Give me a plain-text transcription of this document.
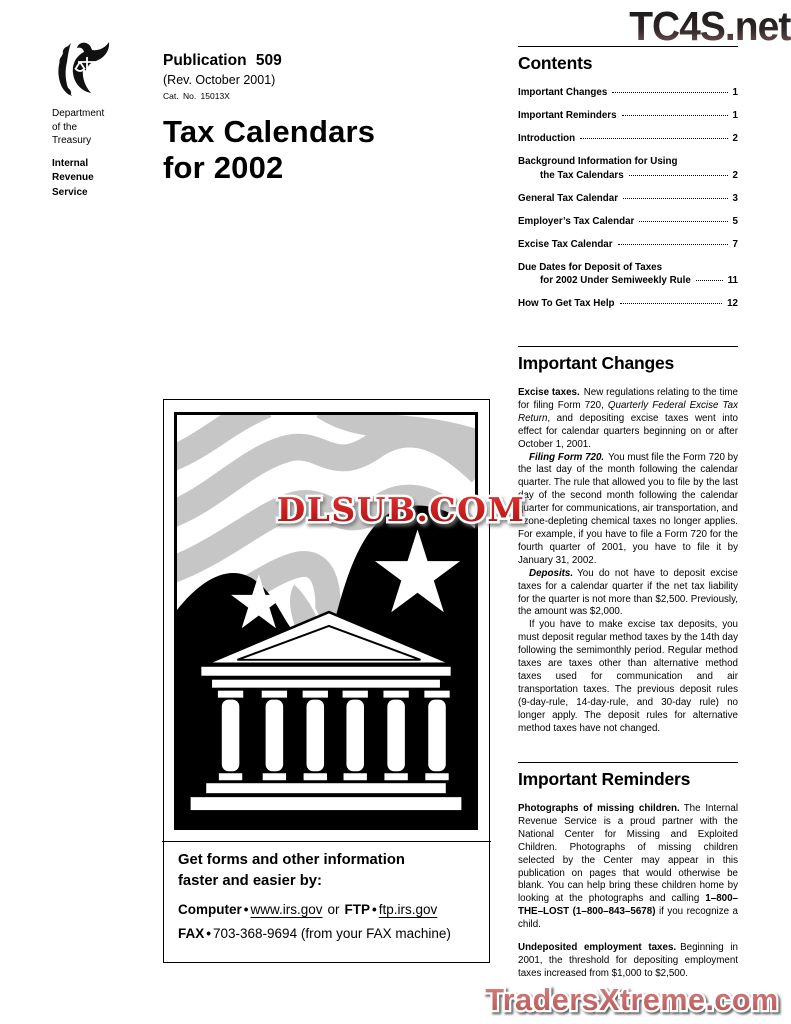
TC4S.net
Department
of the
Treasury
Internal
Revenue
Service
Publication 509
(Rev. October 2001)
Cat. No. 15013X
Tax Calendars
for 2002
Contents
Important Changes	1
Important Reminders	1
Introduction	2
Background Information for Using
the Tax Calendars	2
General Tax Calendar	3
Employer’s Tax Calendar	5
Excise Tax Calendar	7
Due Dates for Deposit of Taxes
for 2002 Under Semiweekly Rule	11
How To Get Tax Help	12
Important Changes

Excise taxes. New regulations relating to the time for filing Form 720, Quarterly Federal Excise Tax Return, and depositing excise taxes went into effect for calendar quarters beginning on or after October 1, 2001.

Filing Form 720. You must file the Form 720 by the last day of the month following the calendar quarter. The rule that allowed you to file by the last day of the second month following the calendar quarter for communications, air transportation, and ozone-depleting chemical taxes no longer applies. For example, if you have to file a Form 720 for the fourth quarter of 2001, you have to file it by January 31, 2002.

Deposits. You do not have to deposit excise taxes for a calendar quarter if the net tax liability for the quarter is not more than $2,500. Previously, the amount was $2,000.

If you have to make excise tax deposits, you must deposit regular method taxes by the 14th day following the semimonthly period. Regular method taxes are taxes other than alternative method taxes used for communication and air transportation taxes. The previous deposit rules (9-day-rule, 14-day-rule, and 30-day rule) no longer apply. The deposit rules for alternative method taxes have not changed.

Important Reminders

Photographs of missing children. The Internal Revenue Service is a proud partner with the National Center for Missing and Exploited Children. Photographs of missing children selected by the Center may appear in this publication on pages that would otherwise be blank. You can help bring these children home by looking at the photographs and calling 1–800–THE–LOST (1–800–843–5678) if you recognize a child.

Undeposited employment taxes. Beginning in 2001, the threshold for depositing employment taxes increased from $1,000 to $2,500.

Get forms and other information
faster and easier by:
Computer • www.irs.gov or FTP • ftp.irs.gov
FAX • 703-368-9694 (from your FAX machine)
DLSUB.COM
TradersXtreme.com
